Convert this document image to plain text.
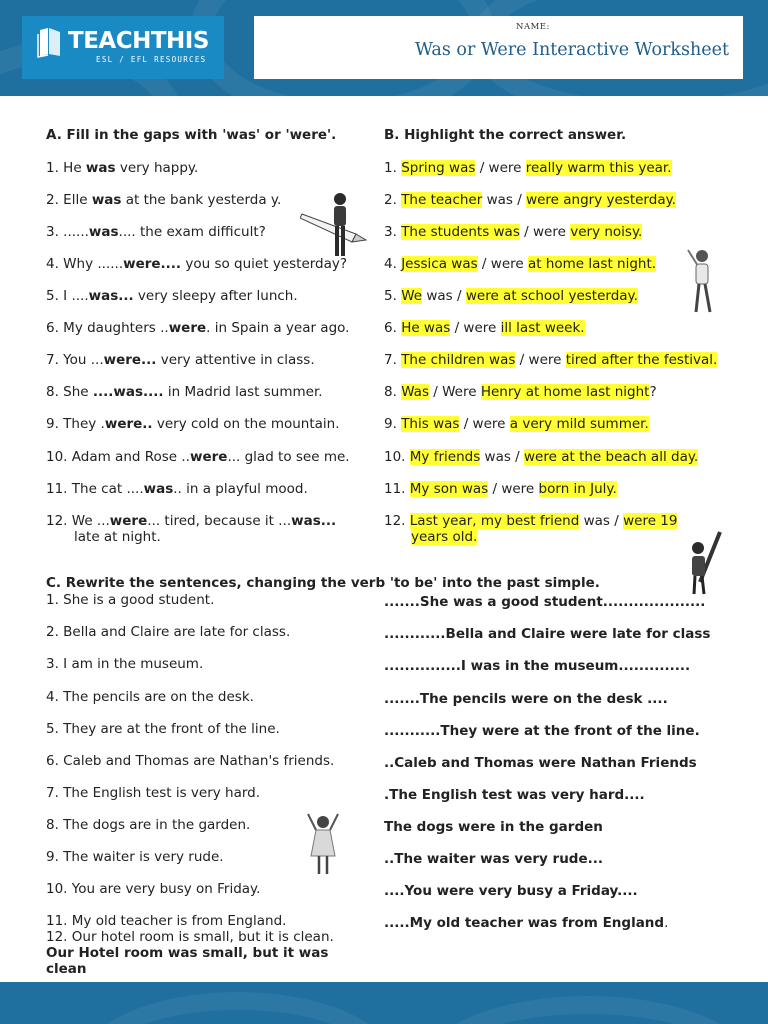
TEACHTHIS
ESL / EFL RESOURCES
NAME:
Was or Were Interactive Worksheet
A. Fill in the gaps with 'was' or 'were'.
1. He was very happy.
2. Elle was at the bank yesterda y.
3. ......was.... the exam difficult?
4. Why ......were.... you so quiet yesterday?
5. I ....was... very sleepy after lunch.
6. My daughters ..were. in Spain a year ago.
7. You ...were... very attentive in class.
8. She ....was.... in Madrid last summer.
9. They .were.. very cold on the mountain.
10. Adam and Rose ..were... glad to see me.
11. The cat ....was.. in a playful mood.
12. We ...were... tired, because it ...was...
late at night.
B. Highlight the correct answer.
1. Spring was / were really warm this year.
2. The teacher was / were angry yesterday.
3. The students was / were very noisy.
4. Jessica was / were at home last night.
5. We was / were at school yesterday.
6. He was / were ill last week.
7. The children was / were tired after the festival.
8. Was / Were Henry at home last night?
9. This was / were a very mild summer.
10. My friends was / were at the beach all day.
11. My son was / were born in July.
12. Last year, my best friend was / were 19
years old.
C. Rewrite the sentences, changing the verb 'to be' into the past simple.
1. She is a good student.	.......She was a good student....................
2. Bella and Claire are late for class.	............Bella and Claire were late for class
3. I am in the museum.	...............I was in the museum..............
4. The pencils are on the desk.	.......The pencils were on the desk ....
5. They are at the front of the line.	...........They were at the front of the line.
6. Caleb and Thomas are Nathan's friends.	..Caleb and Thomas were Nathan Friends
7. The English test is very hard.	.The English test was very hard....
8. The dogs are in the garden.	The dogs were in the garden
9. The waiter is very rude.	..The waiter was very rude...
10. You are very busy on Friday.	....You were very busy a Friday....
11. My old teacher is from England.	.....My old teacher was from England.
12. Our hotel room is small, but it is clean.
Our Hotel room was small, but it was clean
